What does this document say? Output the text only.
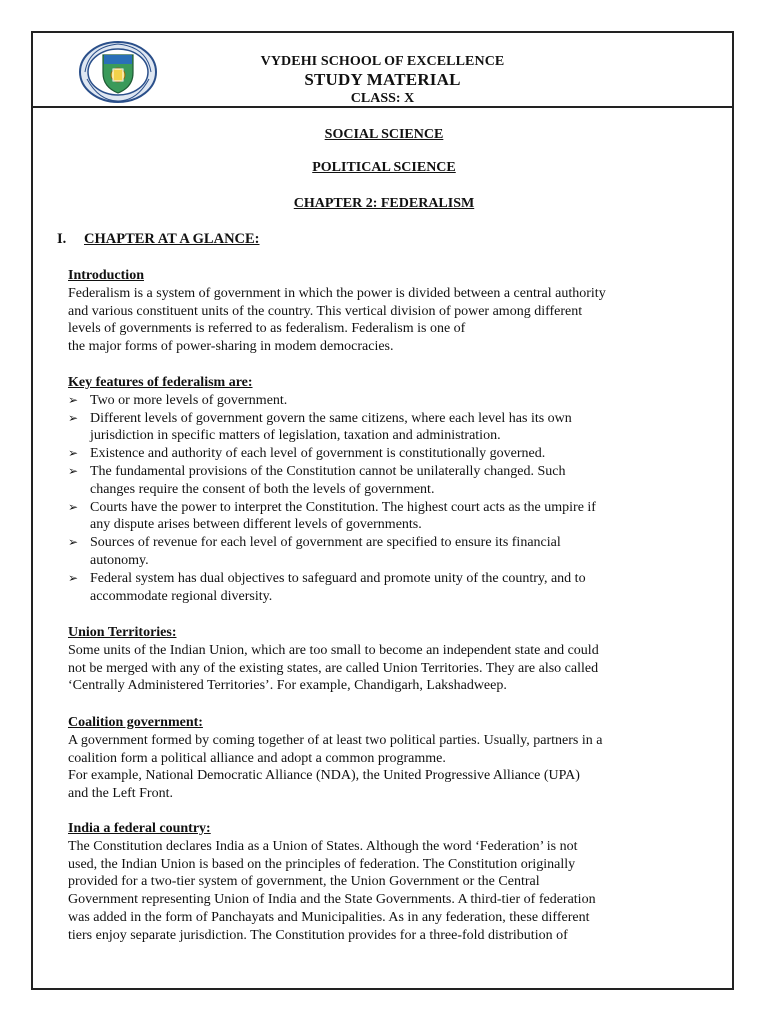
VYDEHI SCHOOL OF EXCELLENCE
STUDY MATERIAL
CLASS: X
SOCIAL SCIENCE
POLITICAL SCIENCE
CHAPTER 2: FEDERALISM
I. CHAPTER AT A GLANCE:
Introduction
Federalism is a system of government in which the power is divided between a central authority
and various constituent units of the country. This vertical division of power among different
levels of governments is referred to as federalism. Federalism is one of
the major forms of power-sharing in modem democracies.
Key features of federalism are:
➢ Two or more levels of government.
➢ Different levels of government govern the same citizens, where each level has its own
jurisdiction in specific matters of legislation, taxation and administration.
➢ Existence and authority of each level of government is constitutionally governed.
➢ The fundamental provisions of the Constitution cannot be unilaterally changed. Such
changes require the consent of both the levels of government.
➢ Courts have the power to interpret the Constitution. The highest court acts as the umpire if
any dispute arises between different levels of governments.
➢ Sources of revenue for each level of government are specified to ensure its financial
autonomy.
➢ Federal system has dual objectives to safeguard and promote unity of the country, and to
accommodate regional diversity.
Union Territories:
Some units of the Indian Union, which are too small to become an independent state and could
not be merged with any of the existing states, are called Union Territories. They are also called
‘Centrally Administered Territories’. For example, Chandigarh, Lakshadweep.
Coalition government:
A government formed by coming together of at least two political parties. Usually, partners in a
coalition form a political alliance and adopt a common programme.
For example, National Democratic Alliance (NDA), the United Progressive Alliance (UPA)
and the Left Front.
India a federal country:
The Constitution declares India as a Union of States. Although the word ‘Federation’ is not
used, the Indian Union is based on the principles of federation. The Constitution originally
provided for a two-tier system of government, the Union Government or the Central
Government representing Union of India and the State Governments. A third-tier of federation
was added in the form of Panchayats and Municipalities. As in any federation, these different
tiers enjoy separate jurisdiction. The Constitution provides for a three-fold distribution of
